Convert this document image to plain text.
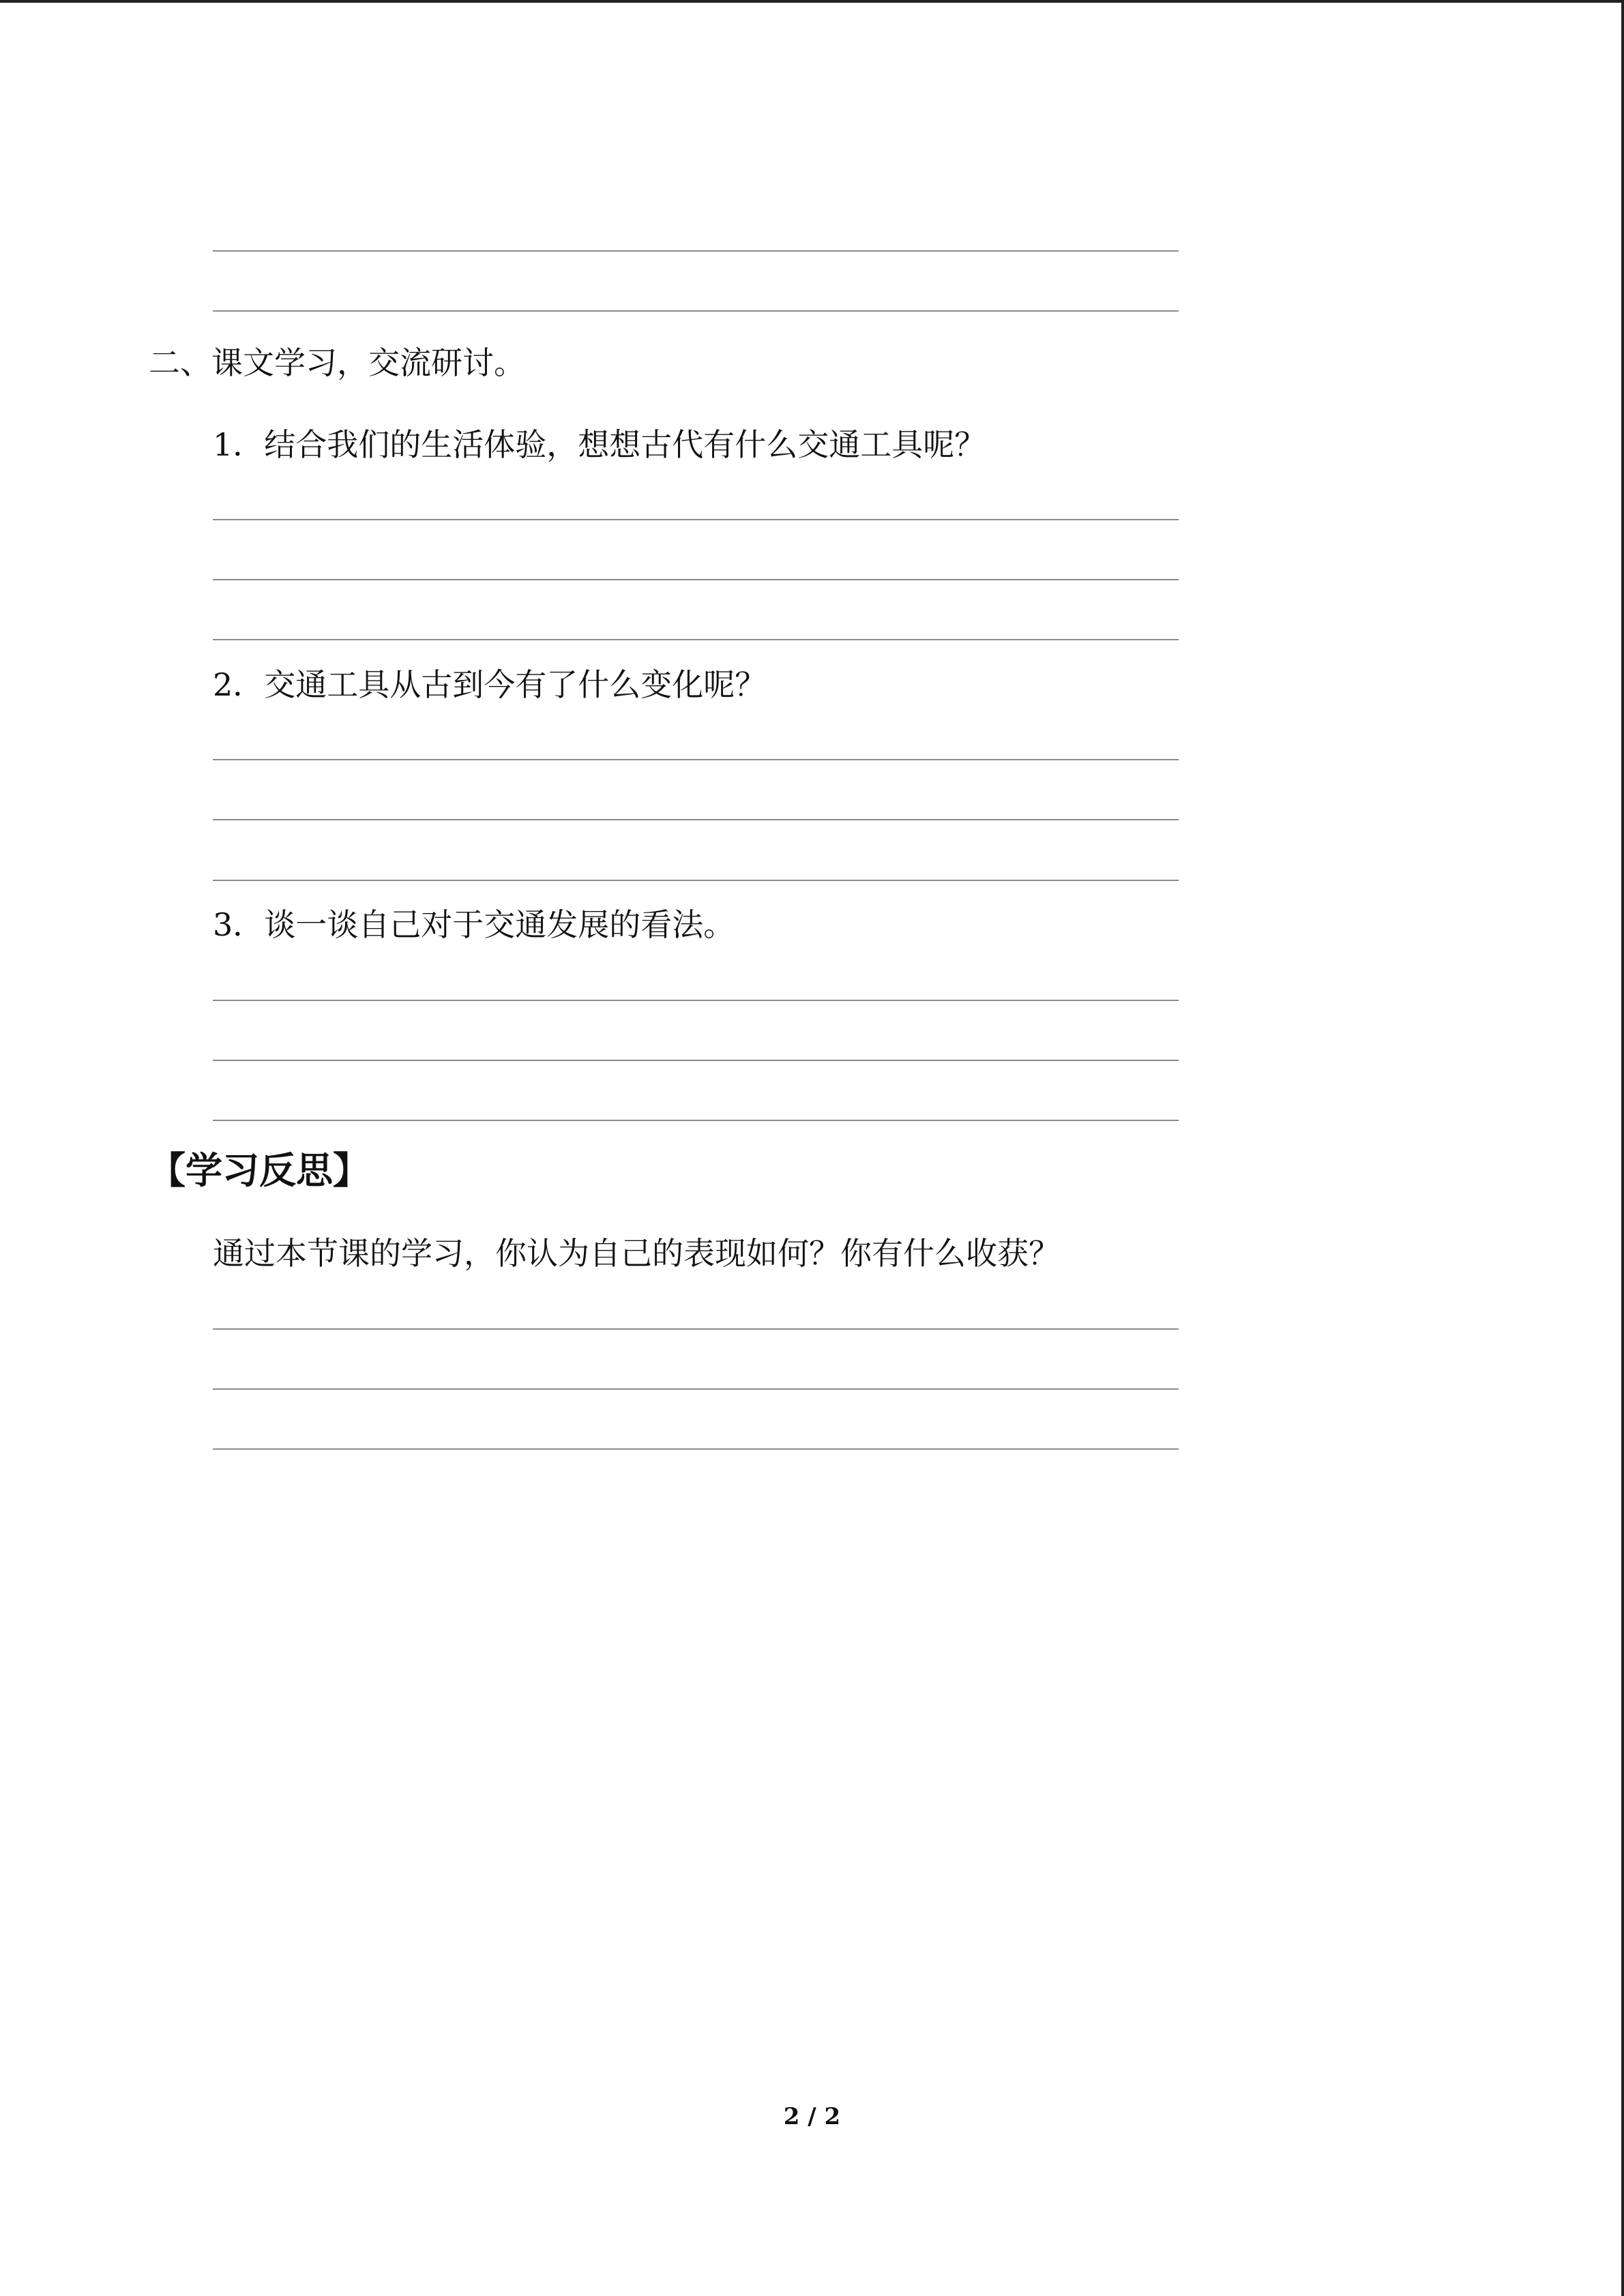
二、课文学习，交流研讨。
1．结合我们的生活体验，想想古代有什么交通工具呢？
2．交通工具从古到今有了什么变化呢？
3．谈一谈自己对于交通发展的看法。
【学习反思】
通过本节课的学习，你认为自己的表现如何？你有什么收获？
2 / 2
